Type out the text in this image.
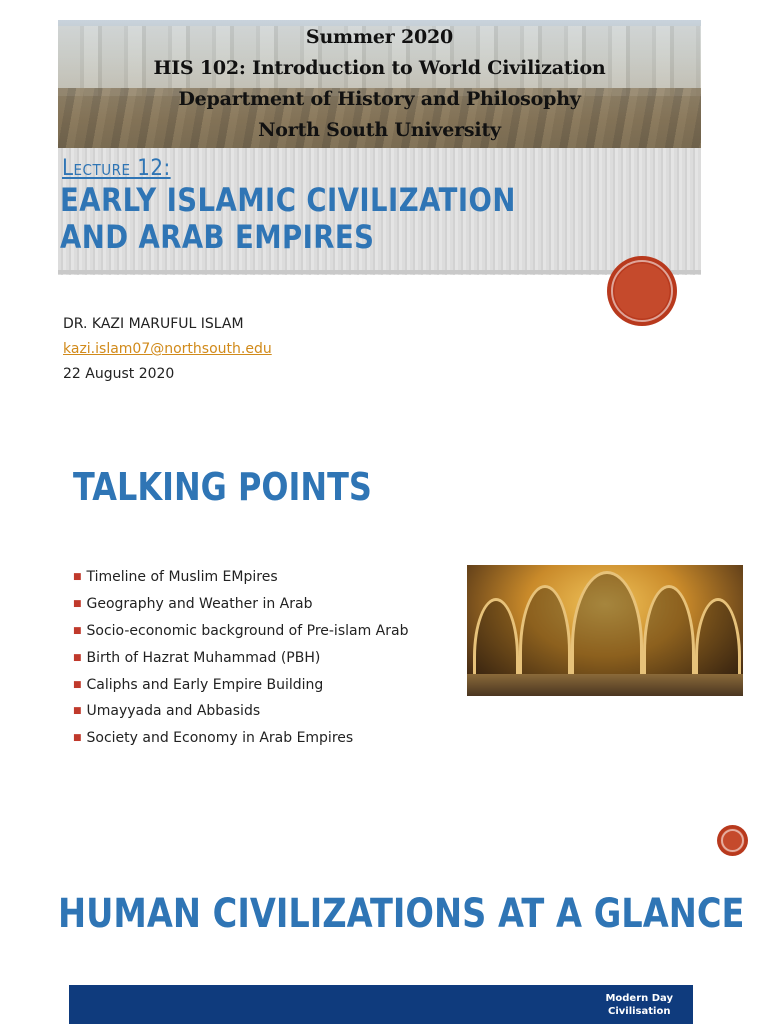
Summer 2020
HIS 102: Introduction to World Civilization
Department of History and Philosophy
North South University
Lecture 12:
EARLY ISLAMIC CIVILIZATION AND ARAB EMPIRES
DR. KAZI MARUFUL ISLAM
kazi.islam07@northsouth.edu
22 August 2020
TALKING POINTS
■ Timeline of Muslim EMpires
■ Geography and Weather in Arab
■ Socio-economic background of Pre-islam Arab
■ Birth of Hazrat Muhammad (PBH)
■ Caliphs and Early Empire Building
■ Umayyada and Abbasids
■ Society and Economy in Arab Empires
HUMAN CIVILIZATIONS AT A GLANCE
Modern Day
Civilisation
